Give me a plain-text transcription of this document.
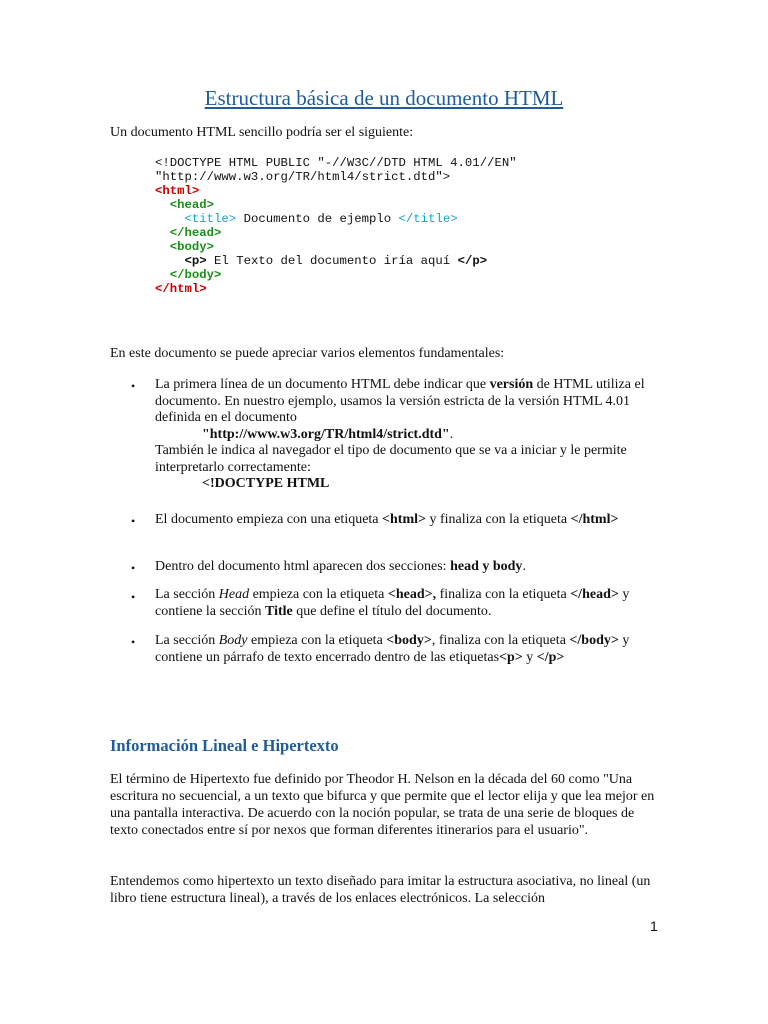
Estructura básica de un documento HTML
Un documento HTML sencillo podría ser el siguiente:
<!DOCTYPE HTML PUBLIC "-//W3C//DTD HTML 4.01//EN"
"http://www.w3.org/TR/html4/strict.dtd">
<html>
<head>
<title> Documento de ejemplo </title>
</head>
<body>
<p> El Texto del documento iría aquí </p>
</body>
</html>
En este documento se puede apreciar varios elementos fundamentales:
•	La primera línea de un documento HTML debe indicar que versión de HTML utiliza el documento. En nuestro ejemplo, usamos la versión estricta de la versión HTML 4.01 definida en el documento
"http://www.w3.org/TR/html4/strict.dtd".
También le indica al navegador el tipo de documento que se va a iniciar y le permite interpretarlo correctamente:
<!DOCTYPE HTML
•	El documento empieza con una etiqueta <html> y finaliza con la etiqueta </html>
•	Dentro del documento html aparecen dos secciones: head y body.
•	La sección Head empieza con la etiqueta <head>, finaliza con la etiqueta </head> y contiene la sección Title que define el título del documento.
•	La sección Body empieza con la etiqueta <body>, finaliza con la etiqueta </body> y contiene un párrafo de texto encerrado dentro de las etiquetas<p> y </p>
Información Lineal e Hipertexto
El término de Hipertexto fue definido por Theodor H. Nelson en la década del 60 como "Una escritura no secuencial, a un texto que bifurca y que permite que el lector elija y que lea mejor en una pantalla interactiva. De acuerdo con la noción popular, se trata de una serie de bloques de texto conectados entre sí por nexos que forman diferentes itinerarios para el usuario".
Entendemos como hipertexto un texto diseñado para imitar la estructura asociativa, no lineal (un libro tiene estructura lineal), a través de los enlaces electrónicos. La selección
1
